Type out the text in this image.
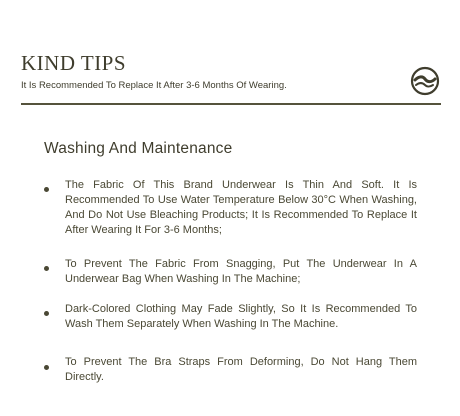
KIND TIPS
It Is Recommended To Replace It After 3-6 Months Of Wearing.
Washing And Maintenance
The Fabric Of This Brand Underwear Is Thin And Soft. It Is Recommended To Use Water Temperature Below 30°C When Washing, And Do Not Use Bleaching Products; It Is Recommended To Replace It After Wearing It For 3-6 Months;
To Prevent The Fabric From Snagging, Put The Underwear In A Underwear Bag When Washing In The Machine;
Dark-Colored Clothing May Fade Slightly, So It Is Recommended To Wash Them Separately When Washing In The Machine.
To Prevent The Bra Straps From Deforming, Do Not Hang Them Directly.
